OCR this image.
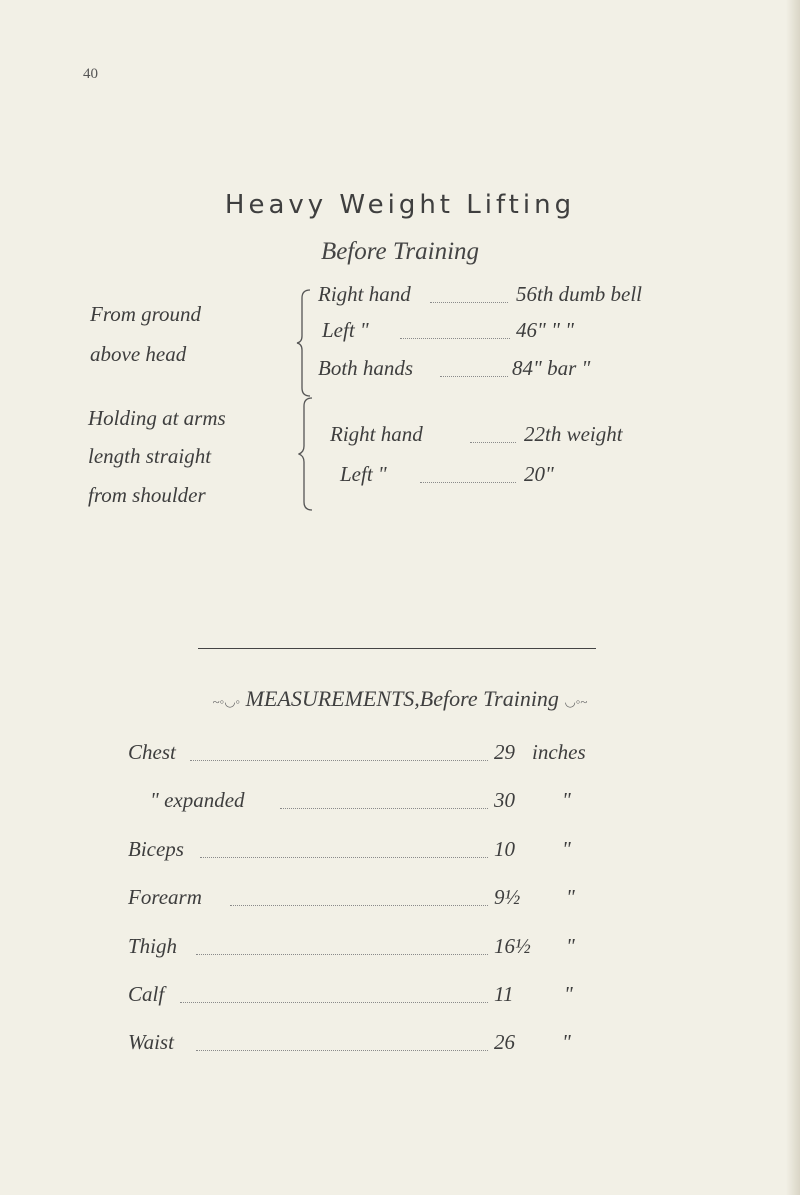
40
Heavy Weight Lifting
Before Training
From ground
above head
Right hand	56th dumb bell
Left "	46" " "
Both hands	84" bar "
Holding at arms
length straight
from shoulder
Right hand	22th weight
Left "	20"
~◦◡◦ MEASUREMENTS,Before Training ◡◦~
Chest	29 inches
" expanded	30 "
Biceps	10 "
Forearm	9½ "
Thigh	16½ "
Calf	11 "
Waist	26 "
